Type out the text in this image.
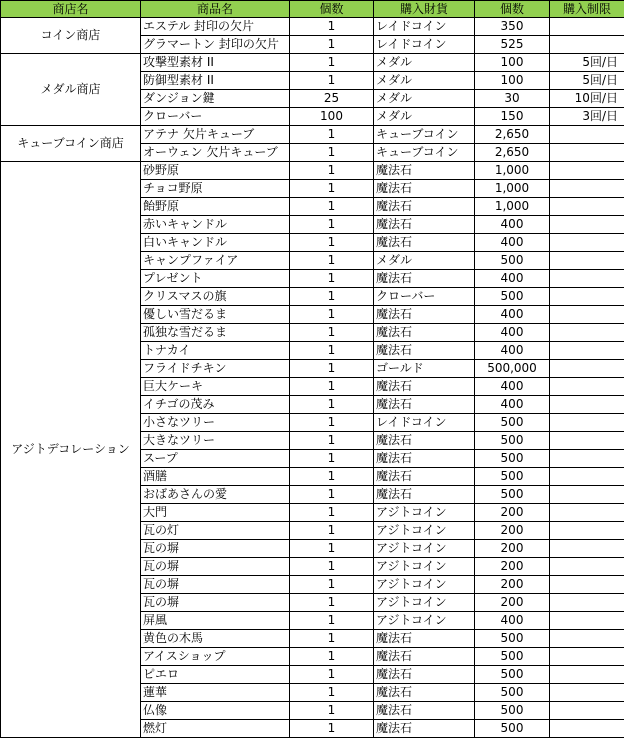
商店名	商品名	個数	購入財貨	個数	購入制限
コイン商店	エステル 封印の欠片	1	レイドコイン	350	
	グラマートン 封印の欠片	1	レイドコイン	525	
メダル商店	攻撃型素材 II	1	メダル	100	5回/日
	防御型素材 II	1	メダル	100	5回/日
	ダンジョン鍵	25	メダル	30	10回/日
	クローバー	100	メダル	150	3回/日
キューブコイン商店	アテナ 欠片キューブ	1	キューブコイン	2,650	
	オーウェン 欠片キューブ	1	キューブコイン	2,650	
アジトデコレーション	砂野原	1	魔法石	1,000	
	チョコ野原	1	魔法石	1,000	
	飴野原	1	魔法石	1,000	
	赤いキャンドル	1	魔法石	400	
	白いキャンドル	1	魔法石	400	
	キャンプファイア	1	メダル	500	
	プレゼント	1	魔法石	400	
	クリスマスの旗	1	クローバー	500	
	優しい雪だるま	1	魔法石	400	
	孤独な雪だるま	1	魔法石	400	
	トナカイ	1	魔法石	400	
	フライドチキン	1	ゴールド	500,000	
	巨大ケーキ	1	魔法石	400	
	イチゴの茂み	1	魔法石	400	
	小さなツリー	1	レイドコイン	500	
	大きなツリー	1	魔法石	500	
	スープ	1	魔法石	500	
	酒膳	1	魔法石	500	
	おばあさんの愛	1	魔法石	500	
	大門	1	アジトコイン	200	
	瓦の灯	1	アジトコイン	200	
	瓦の塀	1	アジトコイン	200	
	瓦の塀	1	アジトコイン	200	
	瓦の塀	1	アジトコイン	200	
	瓦の塀	1	アジトコイン	200	
	屏風	1	アジトコイン	400	
	黄色の木馬	1	魔法石	500	
	アイスショップ	1	魔法石	500	
	ピエロ	1	魔法石	500	
	蓮華	1	魔法石	500	
	仏像	1	魔法石	500	
	燃灯	1	魔法石	500	
